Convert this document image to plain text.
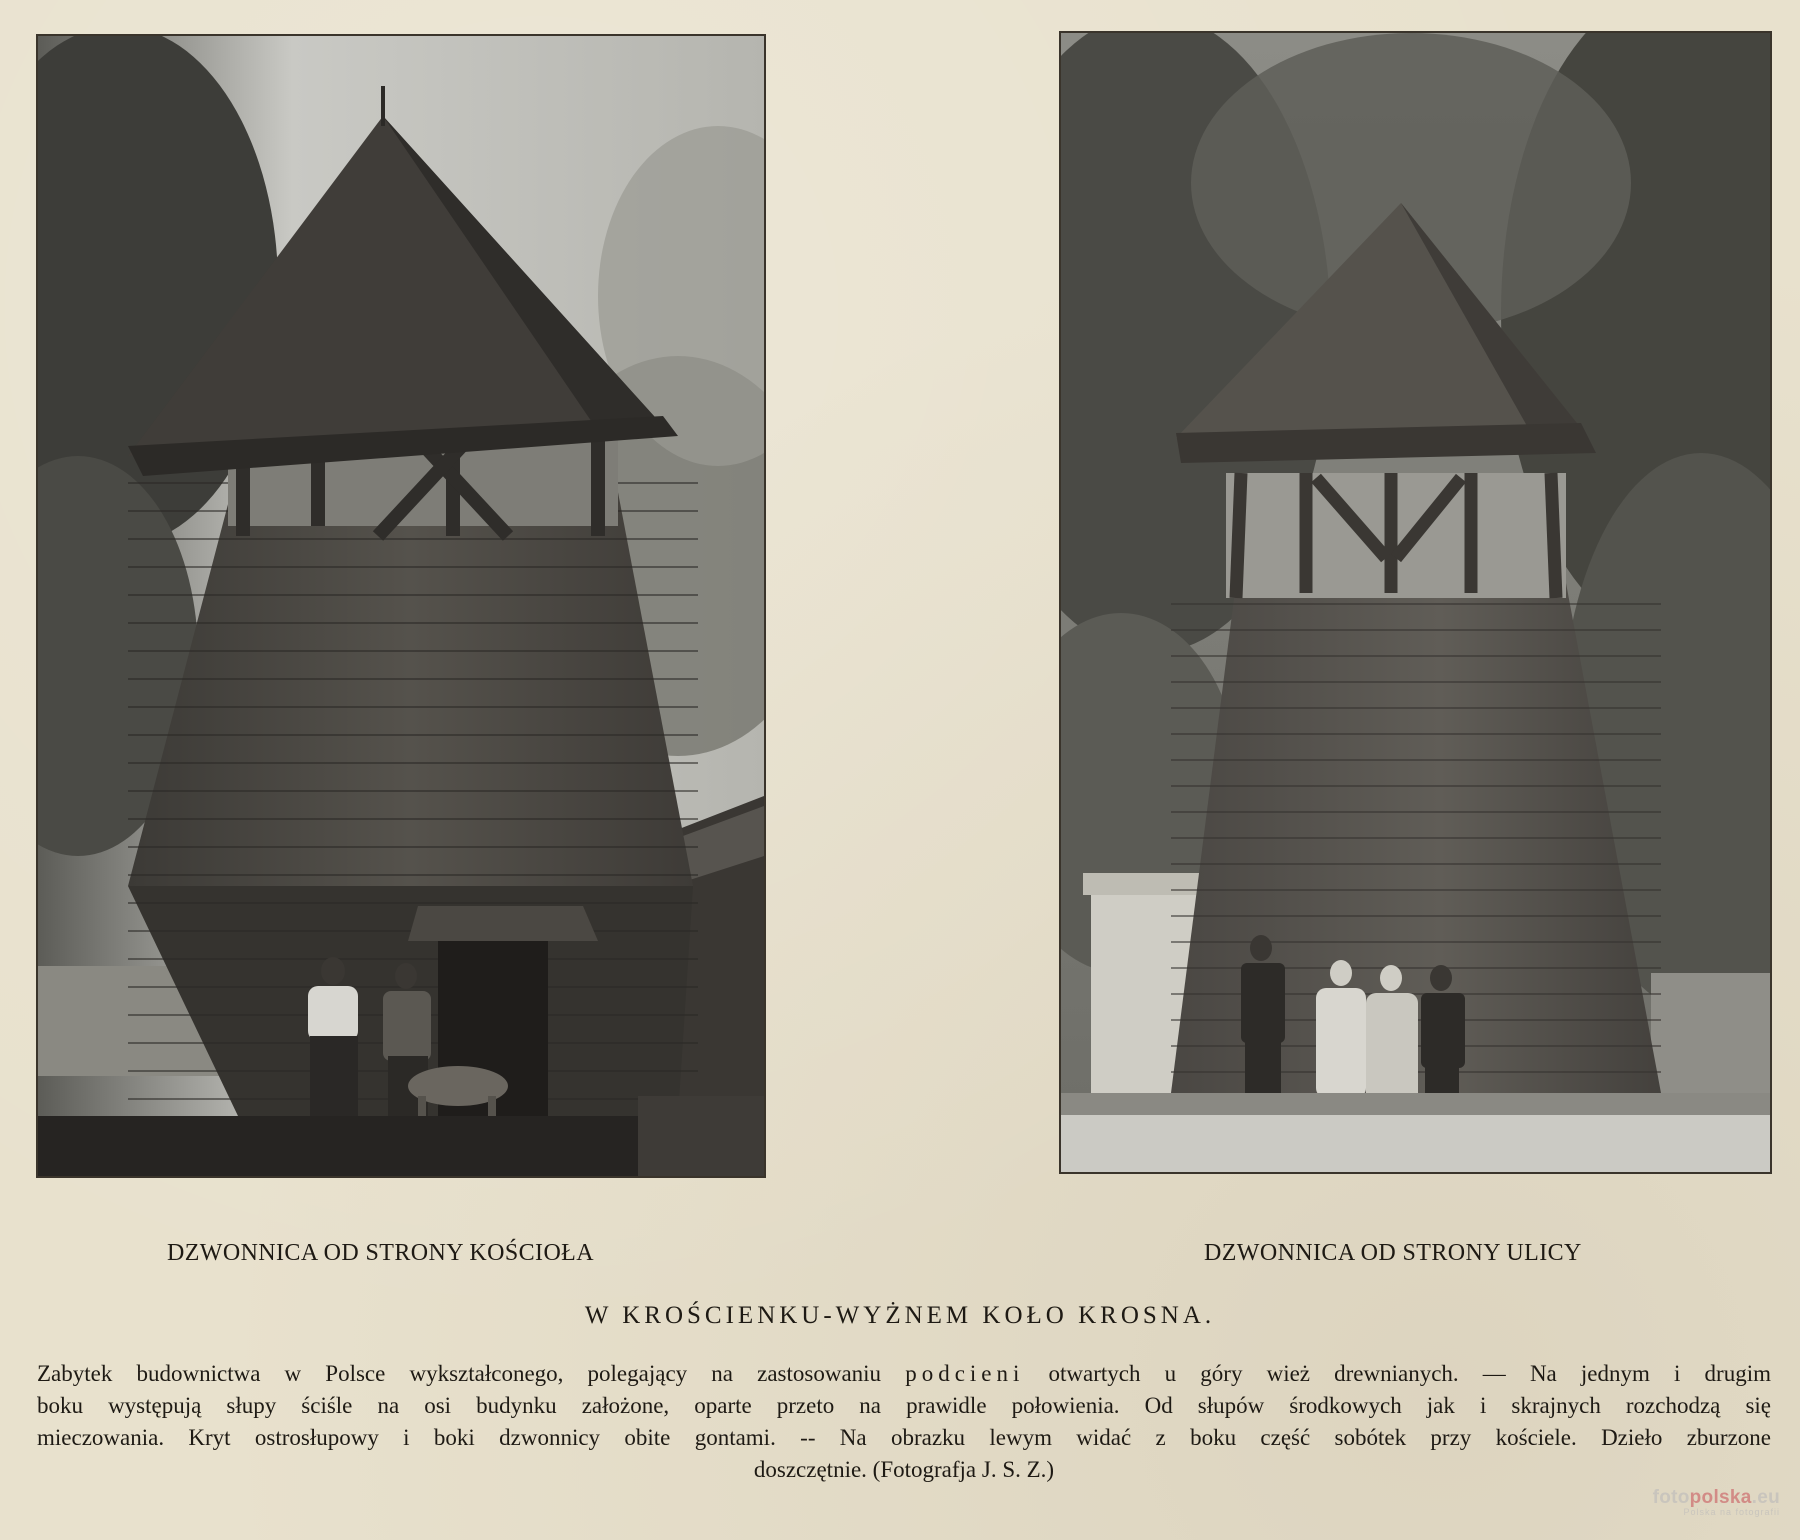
DZWONNICA OD STRONY KOŚCIOŁA	DZWONNICA OD STRONY ULICY
W KROŚCIENKU-WYŻNEM KOŁO KROSNA.
Zabytek budownictwa w Polsce wykształconego, polegający na zastosowaniu podcieni otwartych u góry wież drewnianych. — Na jednym i drugim
boku występują słupy ściśle na osi budynku założone, oparte przeto na prawidle połowienia. Od słupów środkowych jak i skrajnych rozchodzą się
mieczowania. Kryt ostrosłupowy i boki dzwonnicy obite gontami. -- Na obrazku lewym widać z boku część sobótek przy kościele. Dzieło zburzone
doszczętnie. (Fotografja J. S. Z.)
fotopolska.eu
Polska na fotografii
